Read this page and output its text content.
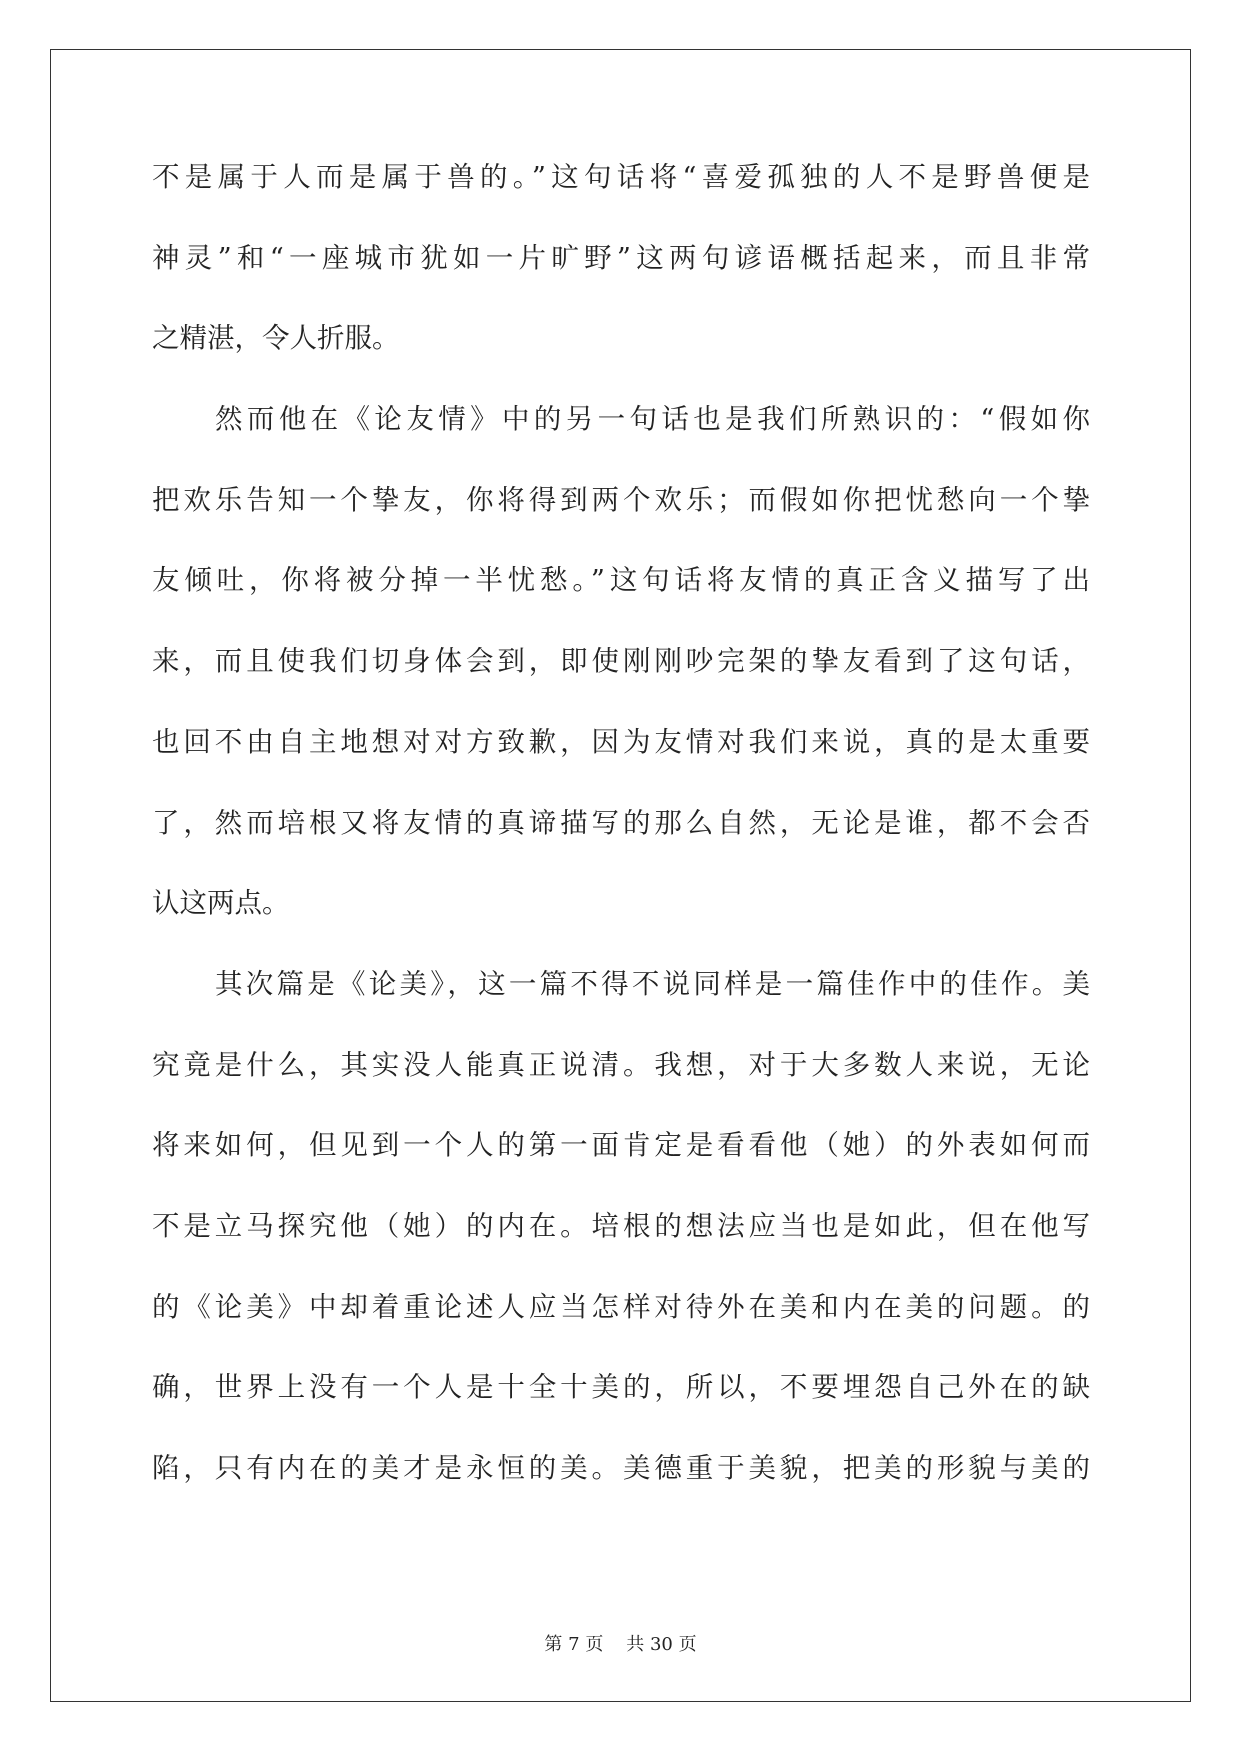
不是属于人而是属于兽的。”这句话将“喜爱孤独的人不是野兽便是
神灵”和“一座城市犹如一片旷野”这两句谚语概括起来，而且非常
之精湛，令人折服。
然而他在《论友情》中的另一句话也是我们所熟识的：“假如你
把欢乐告知一个挚友，你将得到两个欢乐；而假如你把忧愁向一个挚
友倾吐，你将被分掉一半忧愁。”这句话将友情的真正含义描写了出
来，而且使我们切身体会到，即使刚刚吵完架的挚友看到了这句话，
也回不由自主地想对对方致歉，因为友情对我们来说，真的是太重要
了，然而培根又将友情的真谛描写的那么自然，无论是谁，都不会否
认这两点。
其次篇是《论美》，这一篇不得不说同样是一篇佳作中的佳作。美
究竟是什么，其实没人能真正说清。我想，对于大多数人来说，无论
将来如何，但见到一个人的第一面肯定是看看他（她）的外表如何而
不是立马探究他（她）的内在。培根的想法应当也是如此，但在他写
的《论美》中却着重论述人应当怎样对待外在美和内在美的问题。的
确，世界上没有一个人是十全十美的，所以，不要埋怨自己外在的缺
陷，只有内在的美才是永恒的美。美德重于美貌，把美的形貌与美的
第 7 页 共 30 页
